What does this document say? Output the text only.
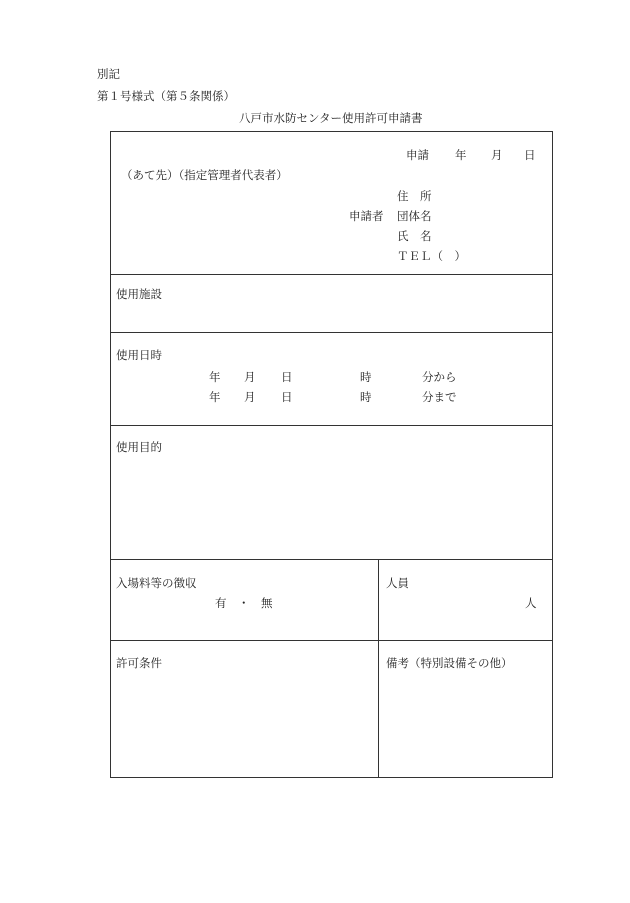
別記
第１号様式（第５条関係）
八戸市水防センター使用許可申請書
申請 年 月 日
（あて先）（指定管理者代表者）
住　所
申請者 団体名
氏　名
ＴＥＬ（　）
使用施設
使用日時
年 月 日	時	分から
年 月 日	時	分まで
使用目的
入場料等の徴収
有　・　無
人員
人
許可条件	備考（特別設備その他）
